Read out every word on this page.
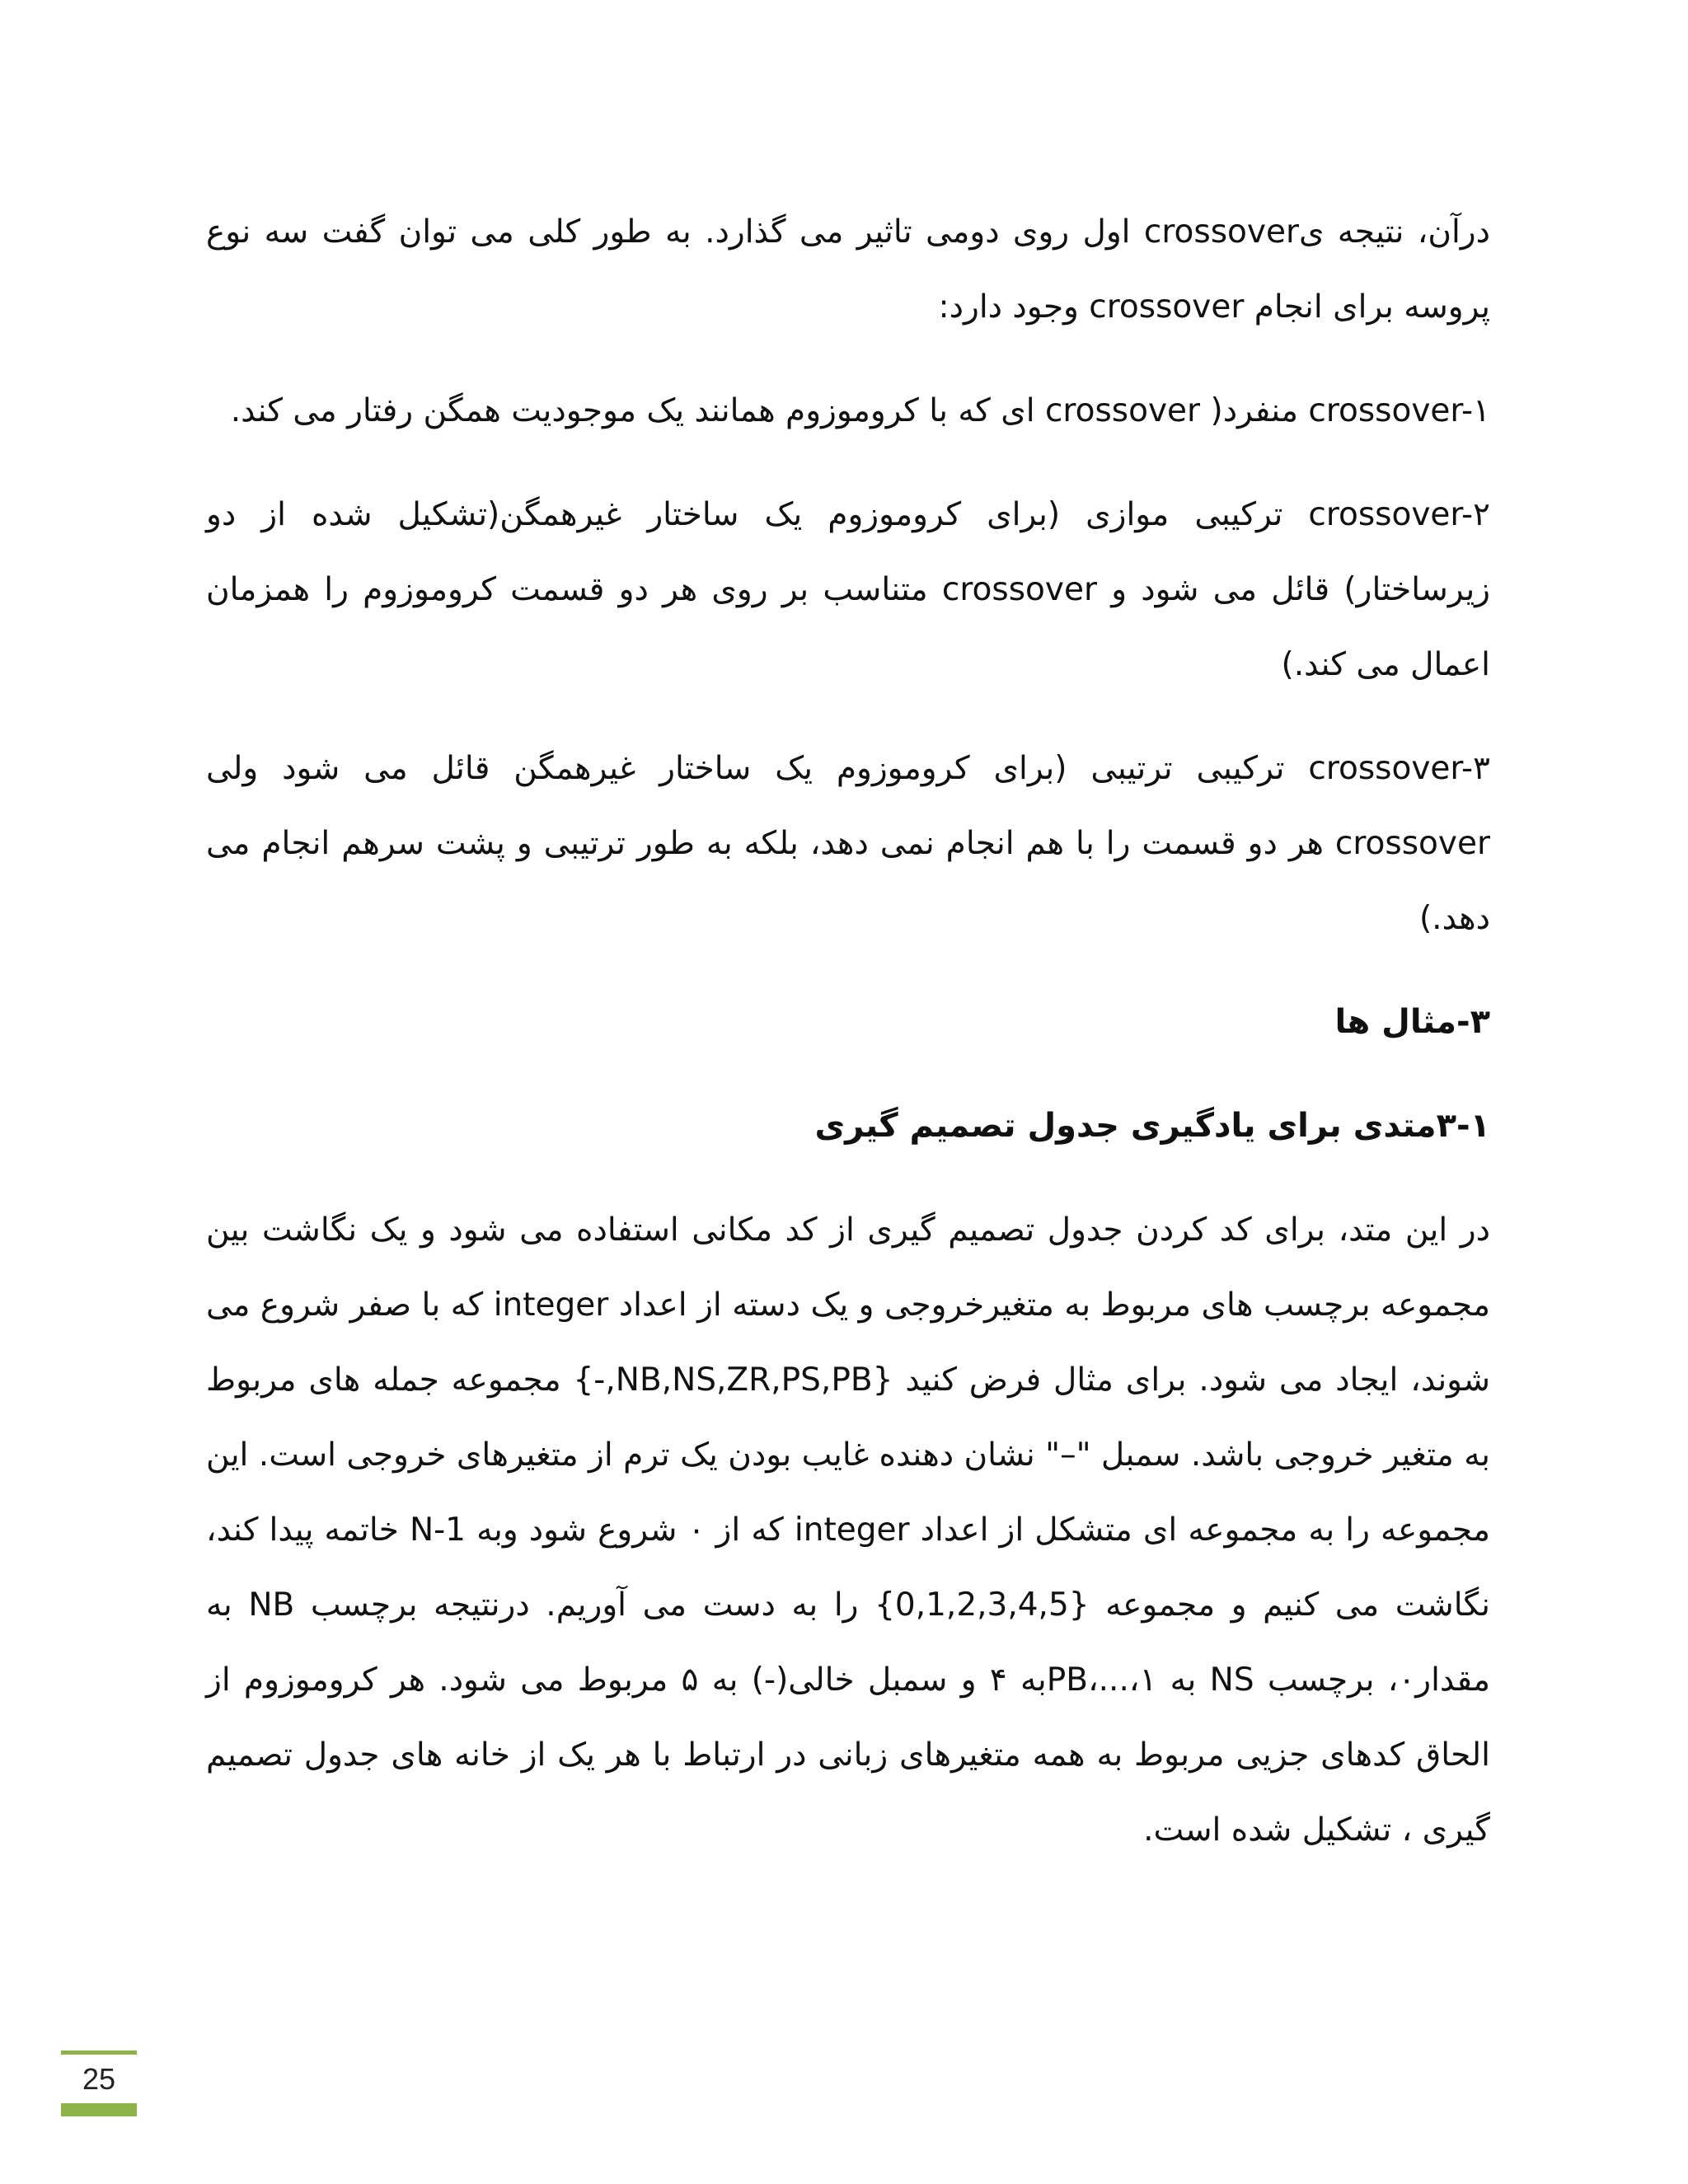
درآن، نتیجه یcrossover اول روی دومی تاثیر می گذارد. به طور کلی می توان گفت سه نوع پروسه برای انجام crossover وجود دارد:

crossover-۱ منفرد( crossover ای که با کروموزوم همانند یک موجودیت همگن رفتار می کند.

crossover-۲ ترکیبی موازی (برای کروموزوم یک ساختار غیرهمگن(تشکیل شده از دو زیرساختار) قائل می شود و crossover متناسب بر روی هر دو قسمت کروموزوم را همزمان اعمال می کند.)

crossover-۳ ترکیبی ترتیبی (برای کروموزوم یک ساختار غیرهمگن قائل می شود ولی crossover هر دو قسمت را با هم انجام نمی دهد، بلکه به طور ترتیبی و پشت سرهم انجام می دهد.)

۳-مثال ها

۳-۱متدی برای یادگیری جدول تصمیم گیری

در این متد، برای کد کردن جدول تصمیم گیری از کد مکانی استفاده می شود و یک نگاشت بین مجموعه برچسب های مربوط به متغیرخروجی و یک دسته از اعداد integer که با صفر شروع می شوند، ایجاد می شود. برای مثال فرض کنید {NB,NS,ZR,PS,PB,-} مجموعه جمله های مربوط به متغیر خروجی باشد. سمبل "–" نشان دهنده غایب بودن یک ترم از متغیرهای خروجی است. این مجموعه را به مجموعه ای متشکل از اعداد integer که از ۰ شروع شود وبه N-1 خاتمه پیدا کند، نگاشت می کنیم و مجموعه {0,1,2,3,4,5} را به دست می آوریم. درنتیجه برچسب NB به مقدار۰، برچسب NS به ۱،...،PBبه ۴ و سمبل خالی(-) به ۵ مربوط می شود. هر کروموزوم از الحاق کدهای جزیی مربوط به همه متغیرهای زبانی در ارتباط با هر یک از خانه های جدول تصمیم گیری ، تشکیل شده است.

25
